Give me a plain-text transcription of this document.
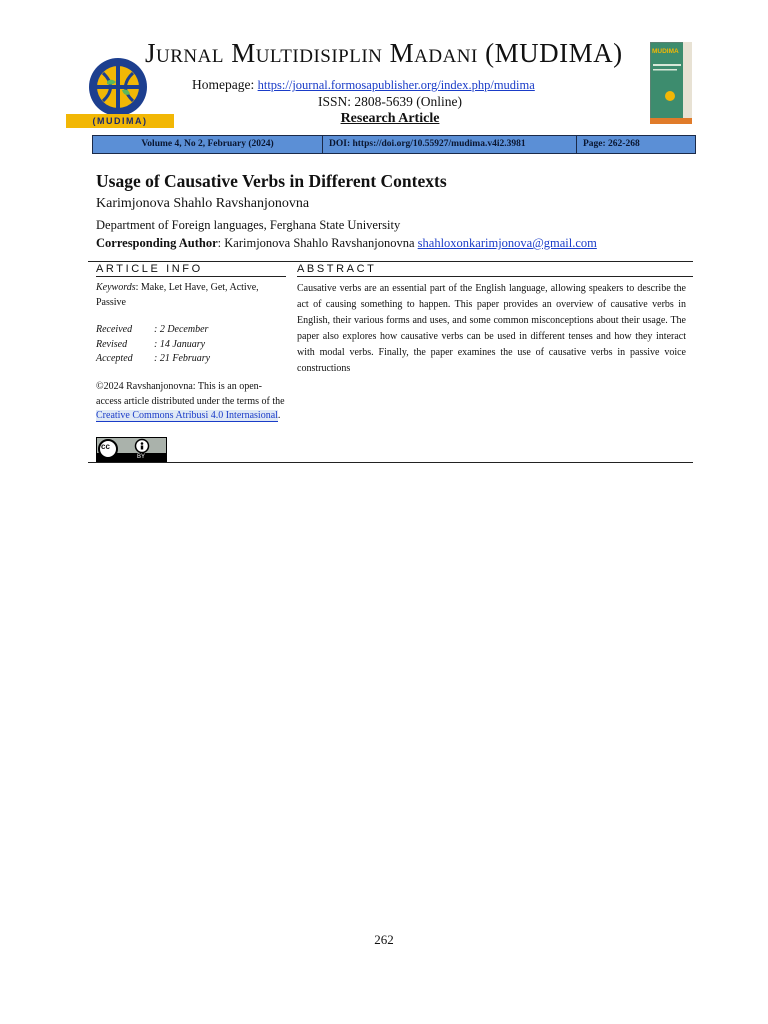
(MUDIMA)
Jurnal Multidisiplin Madani (MUDIMA)
Homepage: https://journal.formosapublisher.org/index.php/mudima
ISSN: 2808-5639 (Online)
Research Article
MUDIMA
Volume 4, No 2, February (2024)	DOI: https://doi.org/10.55927/mudima.v4i2.3981	Page: 262-268
Usage of Causative Verbs in Different Contexts
Karimjonova Shahlo Ravshanjonovna
Department of Foreign languages, Ferghana State University
Corresponding Author: Karimjonova Shahlo Ravshanjonovna shahloxonkarimjonova@gmail.com
ARTICLE INFO	ABSTRACT
Keywords: Make, Let Have, Get, Active, Passive
Received	: 2 December
Revised	: 14 January
Accepted	: 21 February
©2024 Ravshanjonovna: This is an open-access article distributed under the terms of the Creative Commons Atribusi 4.0 Internasional.
cc
BY
Causative verbs are an essential part of the English language, allowing speakers to describe the act of causing something to happen. This paper provides an overview of causative verbs in English, their various forms and uses, and some common misconceptions about their usage. The paper also explores how causative verbs can be used in different tenses and how they interact with modal verbs. Finally, the paper examines the use of causative verbs in passive voice constructions
262
